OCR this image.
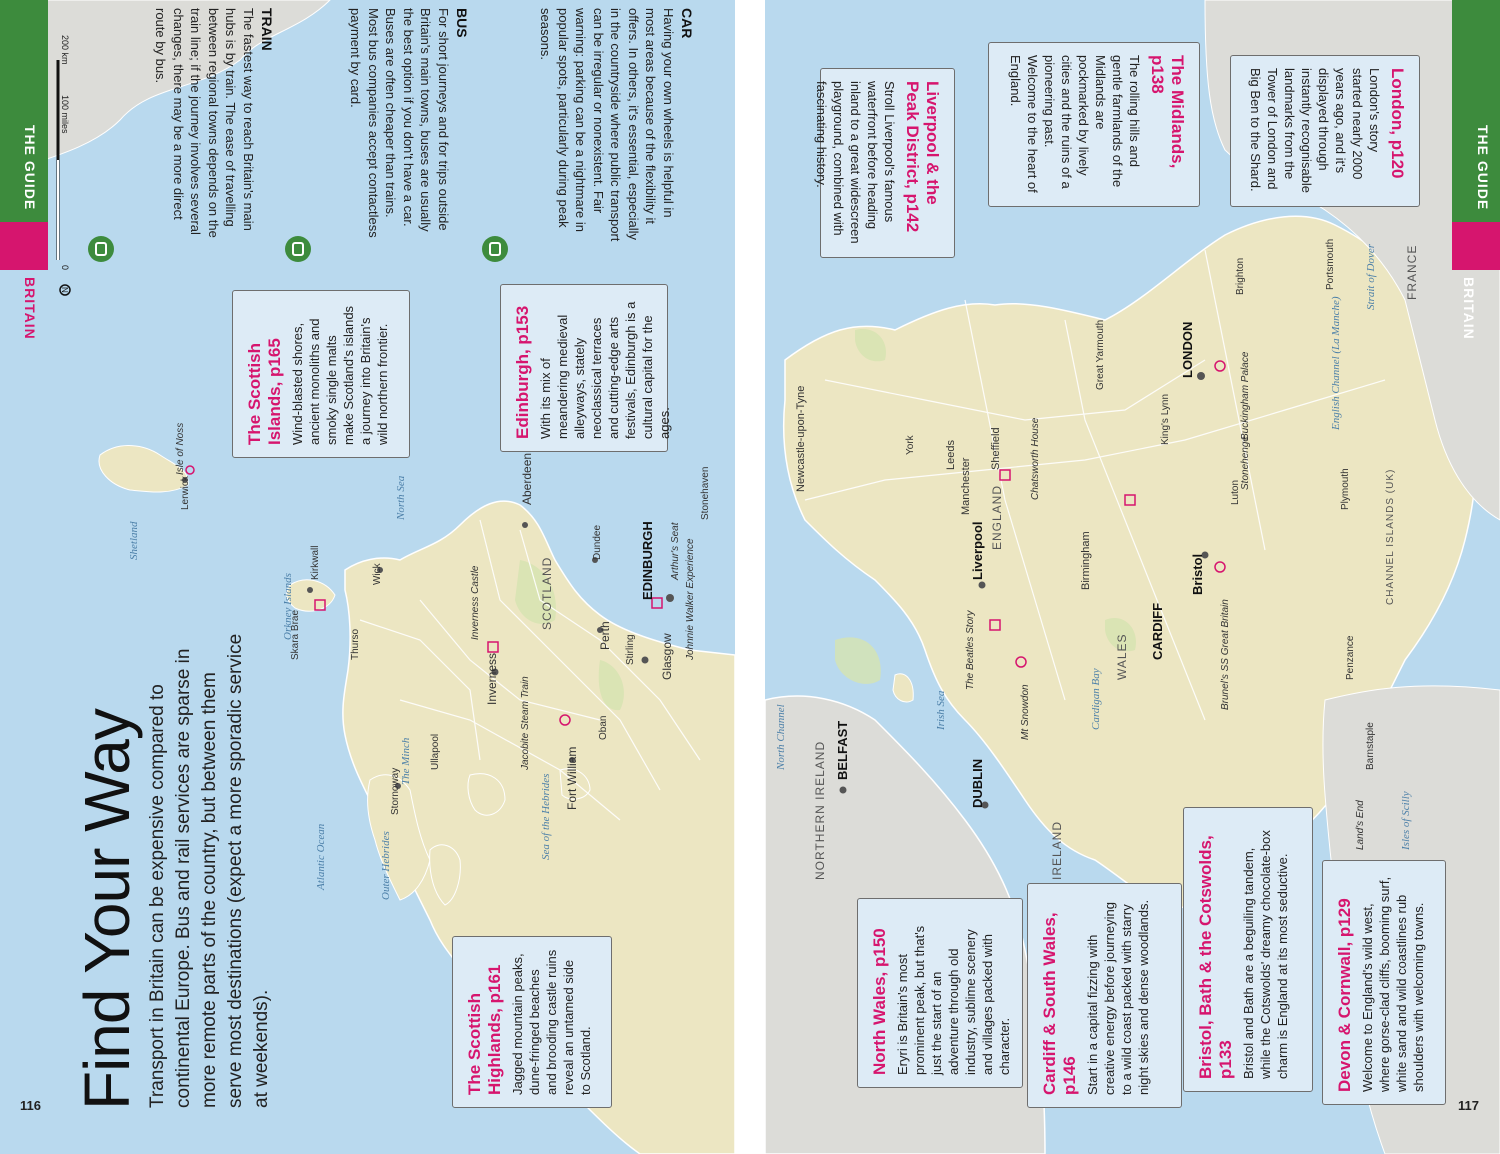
THE GUIDE
BRITAIN
200 km
100 miles
0
N
Find Your Way Transport in Britain can be expensive compared to continental Europe. Bus and rail services are sparse in more remote parts of the country, but between them serve most destinations (expect a more sporadic service at weekends).
TRAIN

The fastest way to reach Britain's main hubs is by train. The ease of travelling between regional towns depends on the train line; if the journey involves several changes, there may be a more direct route by bus.	BUS

For short journeys and for trips outside Britain's main towns, buses are usually the best option if you don't have a car. Buses are often cheaper than trains. Most bus companies accept contactless payment by card.	CAR

Having your own wheels is helpful in most areas because of the flexibility it offers. In others, it's essential, especially in the countryside where public transport can be irregular or nonexistent. Fair warning: parking can be a nightmare in popular spots, particularly during peak seasons.

The Scottish Islands, p165 Wind-blasted shores, ancient monoliths and smoky single malts make Scotland's islands a journey into Britain's wild northern frontier.	Edinburgh, p153 With its mix of meandering medieval alleyways, stately neoclassical terraces and cutting-edge arts festivals, Edinburgh is a cultural capital for the ages.

The Scottish Highlands, p161 Jagged mountain peaks, dune-fringed beaches and brooding castle ruins reveal an untamed side to Scotland.

EDINBURGH
Inverness	Glasgow
Aberdeen
Dundee
Perth Stirling
Fort William
Oban
Kirkwall
Lerwick
Stornoway
Wick
Thurso
Ullapool
SCOTLAND
North Sea
Atlantic Ocean
The Minch
Sea of the Hebrides
Isle of Noss
Skara Brae	Inverness Castle
Jacobite Steam Train
Arthur's Seat Johnnie Walker Experience
Stonehaven
Shetland
Orkney Islands
Outer Hebrides
116
THE GUIDE
BRITAIN
Liverpool & the Peak District, p142

Stroll Liverpool's famous waterfront before heading inland to a great widescreen playground, combined with fascinating history.	The Midlands, p138

The rolling hills and gentle farmlands of the Midlands are pockmarked by lively cities and the ruins of a pioneering past. Welcome to the heart of England.	London, p120

London's story started nearly 2000 years ago, and it's displayed through instantly recognisable landmarks from the Tower of London and Big Ben to the Shard.

North Wales, p150 Eryri is Britain's most prominent peak, but that's just the start of an adventure through old industry, sublime scenery and villages packed with character. Cardiff & South Wales, p146 Start in a capital fizzing with creative energy before journeying to a wild coast packed with starry night skies and dense woodlands.	Bristol, Bath & the Cotswolds, p133 Bristol and Bath are a beguiling tandem, while the Cotswolds' dreamy chocolate-box charm is England at its most seductive.	Devon & Cornwall, p129 Welcome to England's wild west, where gorse-clad cliffs, booming surf, white sand and wild coastlines rub shoulders with welcoming towns.

LONDON
CARDIFF
Bristol
Liverpool
DUBLIN
BELFAST
Manchester
Birmingham
Leeds	Sheffield
Newcastle-upon-Tyne	York
Great Yarmouth
King's Lynn
Luton	Plymouth
Penzance
Barnstaple
Brighton	Portsmouth
ENGLAND
WALES
NORTHERN IRELAND	IRELAND
FRANCE
CHANNEL ISLANDS (UK)
Irish Sea
North Channel
Cardigan Bay
English Channel (La Manche)
Strait of Dover
Isles of Scilly
The Beatles Story
Chatsworth House
Mt Snowdon
Brunel's SS Great Britain
Stonehenge
Buckingham Palace
Land's End
117
